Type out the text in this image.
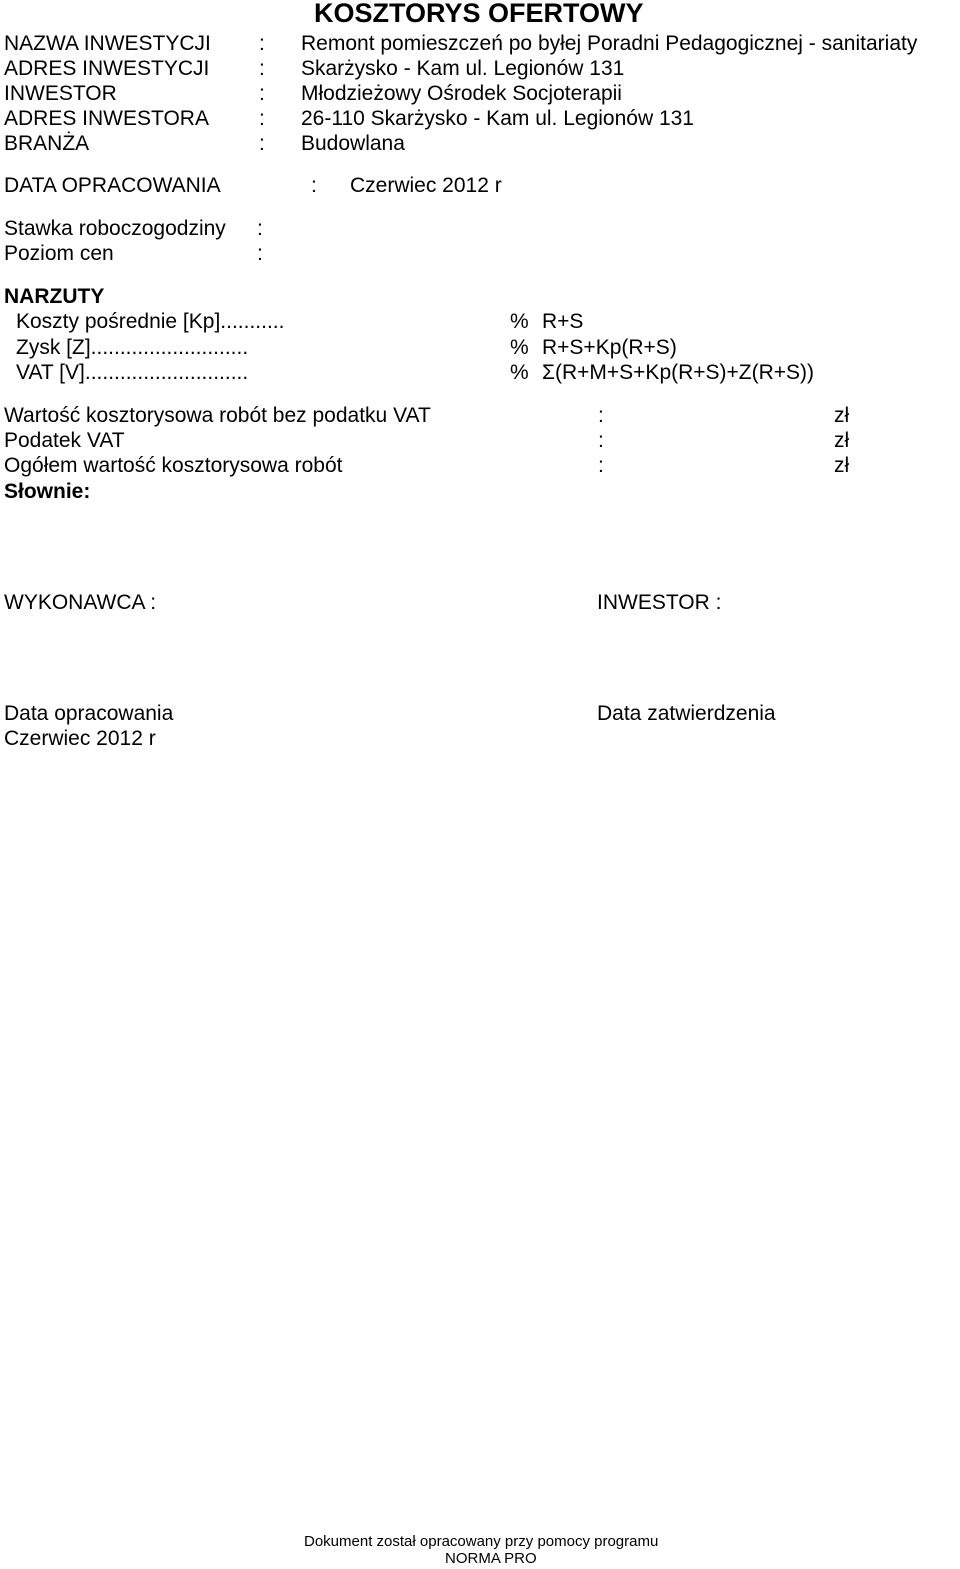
KOSZTORYS OFERTOWY
NAZWA INWESTYCJI : Remont pomieszczeń po byłej Poradni Pedagogicznej - sanitariaty
ADRES INWESTYCJI : Skarżysko - Kam ul. Legionów 131
INWESTOR	: Młodzieżowy Ośrodek Socjoterapii
ADRES INWESTORA : 26-110 Skarżysko - Kam ul. Legionów 131
BRANŻA	: Budowlana
DATA OPRACOWANIA	: Czerwiec 2012 r
Stawka roboczogodziny :
Poziom cen	:
NARZUTY
Koszty pośrednie [Kp]...........	% R+S
Zysk [Z]...........................	% R+S+Kp(R+S)
VAT [V]............................	% Σ(R+M+S+Kp(R+S)+Z(R+S))
Wartość kosztorysowa robót bez podatku VAT	:	zł
Podatek VAT	:	zł
Ogółem wartość kosztorysowa robót	:	zł
Słownie:
WYKONAWCA :	INWESTOR :
Data opracowania	Data zatwierdzenia
Czerwiec 2012 r
Dokument został opracowany przy pomocy programu
NORMA PRO
